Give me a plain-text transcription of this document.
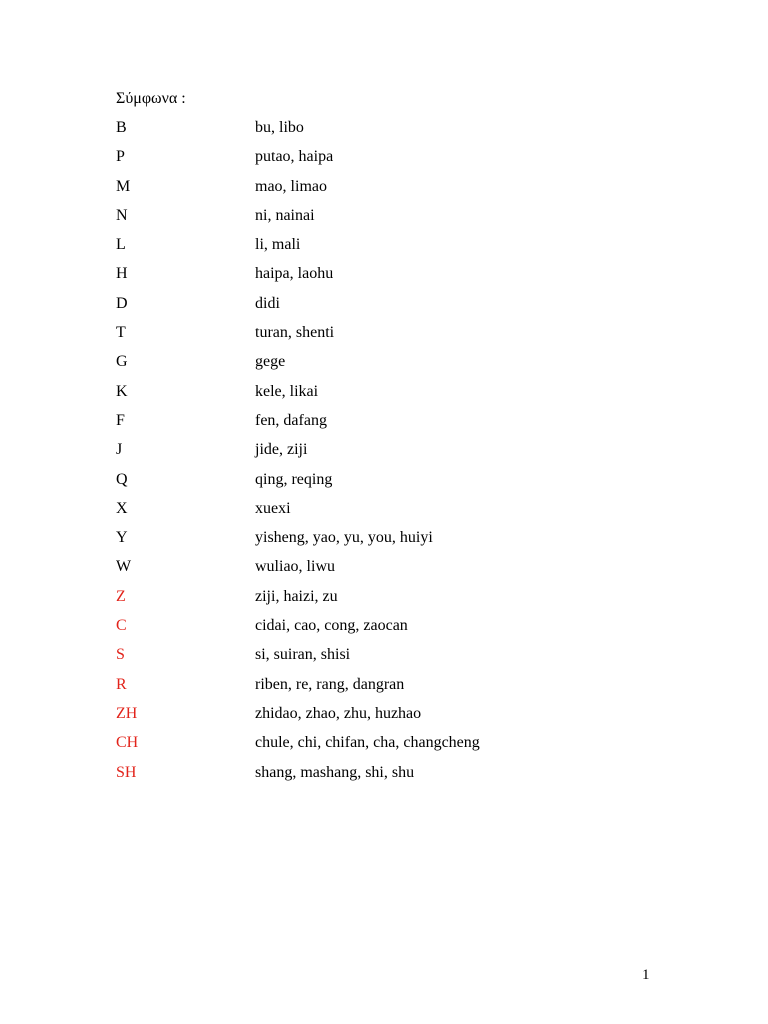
Σύμφωνα :
B	bu, libo
P	putao, haipa
M	mao, limao
N	ni, nainai
L	li, mali
H	haipa, laohu
D	didi
T	turan, shenti
G	gege
K	kele, likai
F	fen, dafang
J	jide, ziji
Q	qing, reqing
X	xuexi
Y	yisheng, yao, yu, you, huiyi
W	wuliao, liwu
Z	ziji, haizi, zu
C	cidai, cao, cong, zaocan
S	si, suiran, shisi
R	riben, re, rang, dangran
ZH	zhidao, zhao, zhu, huzhao
CH	chule, chi, chifan, cha, changcheng
SH	shang, mashang, shi, shu
1
